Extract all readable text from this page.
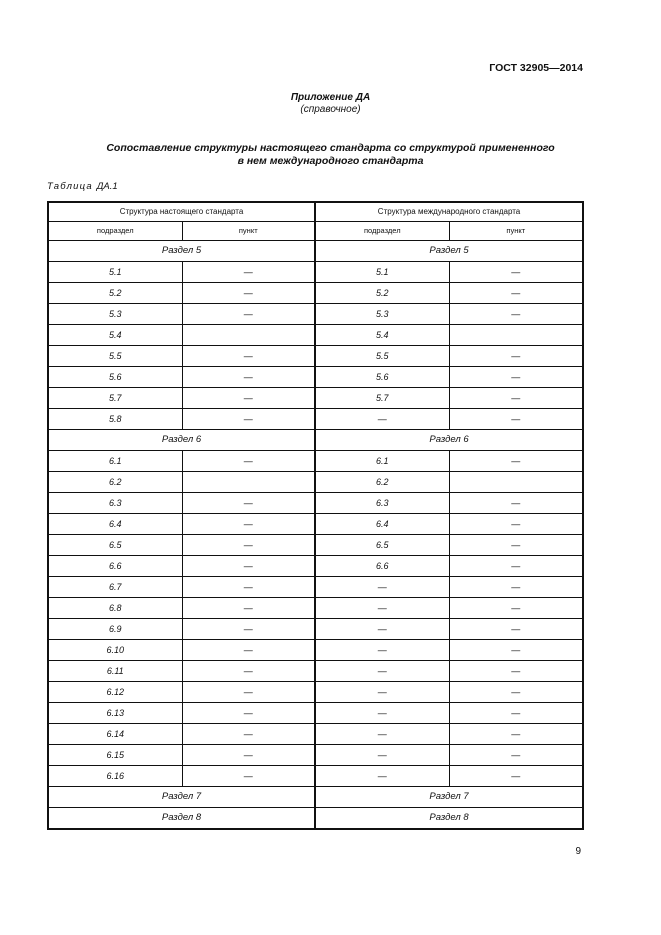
ГОСТ 32905—2014
Приложение ДА
(справочное)
Сопоставление структуры настоящего стандарта со структурой примененного
в нем международного стандарта
Таблица ДА.1
Структура настоящего стандарта		Структура международного стандарта	
подраздел	пункт	подраздел	пункт
Раздел 5		Раздел 5	
5.1	—	5.1	—
5.2	—	5.2	—
5.3	—	5.3	—
5.4		5.4	
5.5	—	5.5	—
5.6	—	5.6	—
5.7	—	5.7	—
5.8	—	—	—
Раздел 6		Раздел 6	
6.1	—	6.1	—
6.2		6.2	
6.3	—	6.3	—
6.4	—	6.4	—
6.5	—	6.5	—
6.6	—	6.6	—
6.7	—	—	—
6.8	—	—	—
6.9	—	—	—
6.10	—	—	—
6.11	—	—	—
6.12	—	—	—
6.13	—	—	—
6.14	—	—	—
6.15	—	—	—
6.16	—	—	—
Раздел 7		Раздел 7	
Раздел 8		Раздел 8	
9
